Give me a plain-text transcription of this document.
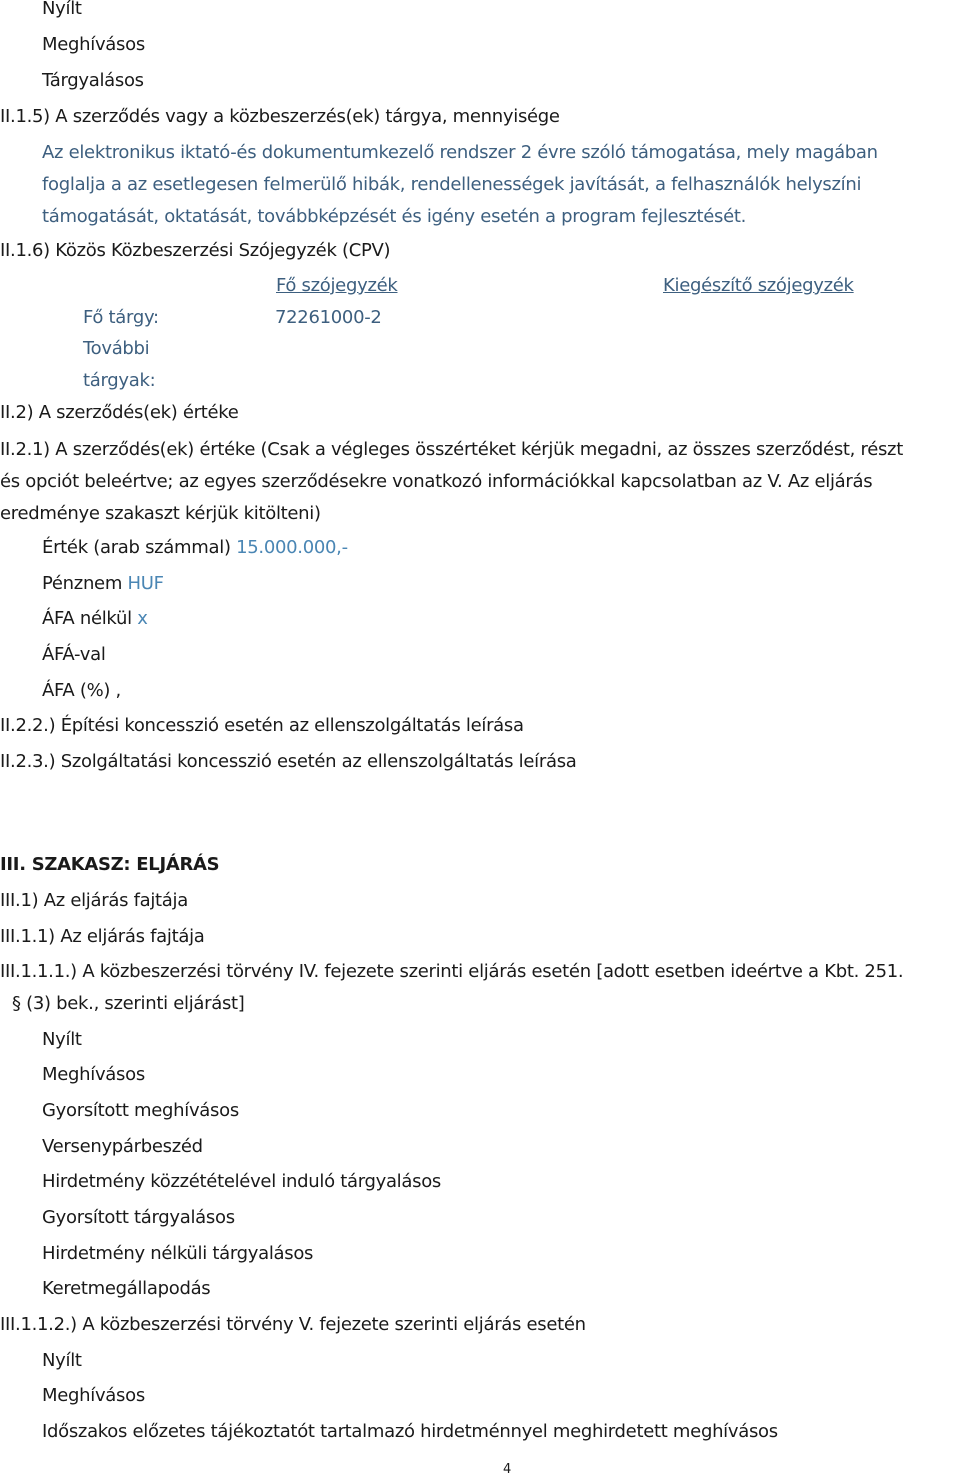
Nyílt
Meghívásos
Tárgyalásos
II.1.5) A szerződés vagy a közbeszerzés(ek) tárgya, mennyisége
Az elektronikus iktató-és dokumentumkezelő rendszer 2 évre szóló támogatása, mely magában
foglalja a az esetlegesen felmerülő hibák, rendellenességek javítását, a felhasználók helyszíni
támogatását, oktatását, továbbképzését és igény esetén a program fejlesztését.
II.1.6) Közös Közbeszerzési Szójegyzék (CPV)
Fő szójegyzék	Kiegészítő szójegyzék
Fő tárgy:	72261000-2
További
tárgyak:
II.2) A szerződés(ek) értéke
II.2.1) A szerződés(ek) értéke (Csak a végleges összértéket kérjük megadni, az összes szerződést, részt
és opciót beleértve; az egyes szerződésekre vonatkozó információkkal kapcsolatban az V. Az eljárás
eredménye szakaszt kérjük kitölteni)
Érték (arab számmal) 15.000.000,-
Pénznem HUF
ÁFA nélkül x
ÁFÁ-val
ÁFA (%) ,
II.2.2.) Építési koncesszió esetén az ellenszolgáltatás leírása
II.2.3.) Szolgáltatási koncesszió esetén az ellenszolgáltatás leírása
III. SZAKASZ: ELJÁRÁS
III.1) Az eljárás fajtája
III.1.1) Az eljárás fajtája
III.1.1.1.) A közbeszerzési törvény IV. fejezete szerinti eljárás esetén [adott esetben ideértve a Kbt. 251.
§ (3) bek., szerinti eljárást]
Nyílt
Meghívásos
Gyorsított meghívásos
Versenypárbeszéd
Hirdetmény közzétételével induló tárgyalásos
Gyorsított tárgyalásos
Hirdetmény nélküli tárgyalásos
Keretmegállapodás
III.1.1.2.) A közbeszerzési törvény V. fejezete szerinti eljárás esetén
Nyílt
Meghívásos
Időszakos előzetes tájékoztatót tartalmazó hirdetménnyel meghirdetett meghívásos
4
